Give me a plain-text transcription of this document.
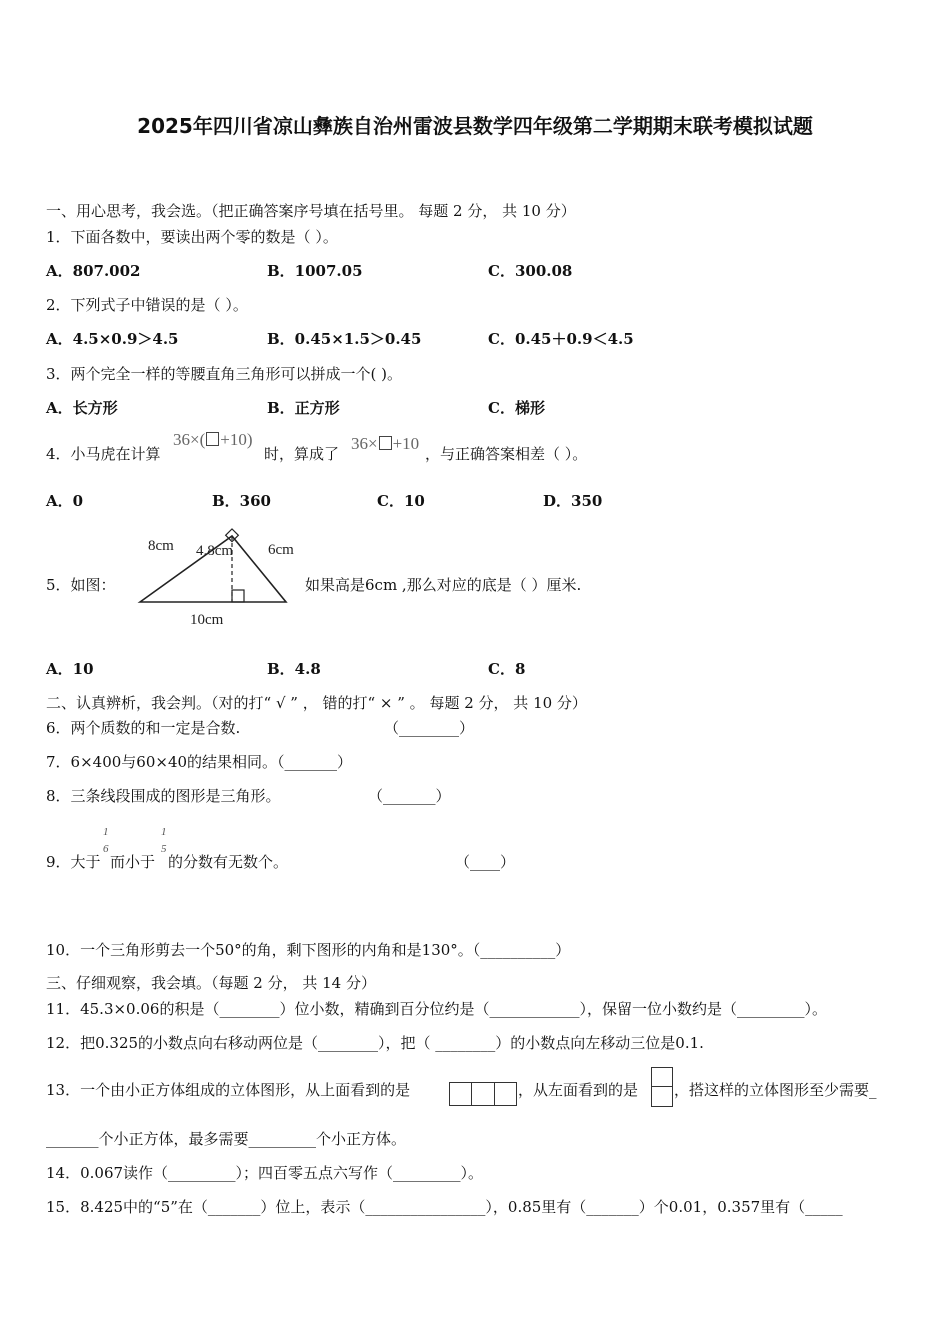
2025年四川省凉山彝族自治州雷波县数学四年级第二学期期末联考模拟试题
一、用心思考，我会选。（把正确答案序号填在括号里。 每题 2 分， 共 10 分）
1．下面各数中，要读出两个零的数是（ ）。
A．807.002	B．1007.05	C．300.08
2．下列式子中错误的是（ ）。
A．4.5×0.9＞4.5	B．0.45×1.5＞0.45	C．0.45＋0.9＜4.5
3．两个完全一样的等腰直角三角形可以拼成一个( )。
A．长方形	B．正方形	C．梯形
4．小马虎在计算
36×( +10)
时，算成了
36× +10
，与正确答案相差（ ）。
A．0	B．360	C．10	D．350
5．如图：
8cm 4.8cm 6cm
10cm
如果高是6cm ,那么对应的底是（ ）厘米.
A．10	B．4.8	C．8
二、认真辨析，我会判。（对的打“ √ ” ， 错的打“ × ” 。 每题 2 分， 共 10 分）
6．两个质数的和一定是合数.	（________）
7．6×400与60×40的结果相同。（_______）
8．三条线段围成的图形是三角形。	（_______）
9．大于
1
6
而小于
1
5
的分数有无数个。	（____）
10．一个三角形剪去一个50°的角，剩下图形的内角和是130°。（__________）
三、仔细观察，我会填。（每题 2 分， 共 14 分）
11．45.3×0.06的积是（________）位小数，精确到百分位约是（____________），保留一位小数约是（_________）。
12．把0.325的小数点向右移动两位是（________），把（ ________）的小数点向左移动三位是0.1.
13．一个由小正方体组成的立体图形，从上面看到的是	，从左面看到的是 ，搭这样的立体图形至少需要_
_______个小正方体，最多需要_________个小正方体。
14．0.067读作（_________）；四百零五点六写作（_________）。
15．8.425中的“5”在（_______）位上，表示（________________），0.85里有（_______）个0.01，0.357里有（_____
